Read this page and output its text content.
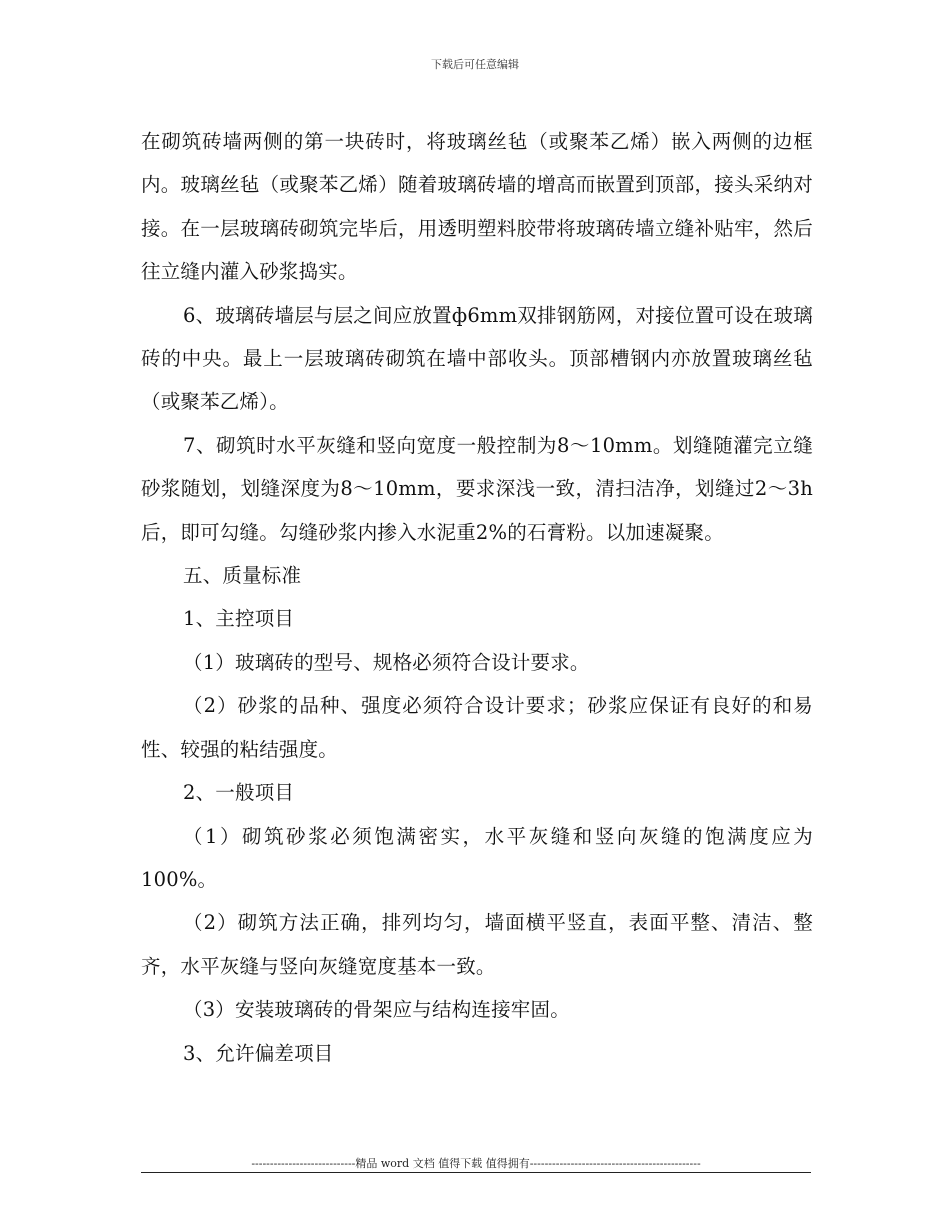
下载后可任意编辑

在砌筑砖墙两侧的第一块砖时，将玻璃丝毡（或聚苯乙烯）嵌入两侧的边框内。玻璃丝毡（或聚苯乙烯）随着玻璃砖墙的增高而嵌置到顶部，接头采纳对接。在一层玻璃砖砌筑完毕后，用透明塑料胶带将玻璃砖墙立缝补贴牢，然后往立缝内灌入砂浆捣实。

6、玻璃砖墙层与层之间应放置ф6mm双排钢筋网，对接位置可设在玻璃砖的中央。最上一层玻璃砖砌筑在墙中部收头。顶部槽钢内亦放置玻璃丝毡（或聚苯乙烯）。

7、砌筑时水平灰缝和竖向宽度一般控制为8～10mm。划缝随灌完立缝砂浆随划，划缝深度为8～10mm，要求深浅一致，清扫洁净，划缝过2～3h后，即可勾缝。勾缝砂浆内掺入水泥重2%的石膏粉。以加速凝聚。

五、质量标准

1、主控项目

（1）玻璃砖的型号、规格必须符合设计要求。

（2）砂浆的品种、强度必须符合设计要求；砂浆应保证有良好的和易性、较强的粘结强度。

2、一般项目

（1）砌筑砂浆必须饱满密实，水平灰缝和竖向灰缝的饱满度应为100%。

（2）砌筑方法正确，排列均匀，墙面横平竖直，表面平整、清洁、整齐，水平灰缝与竖向灰缝宽度基本一致。

（3）安装玻璃砖的骨架应与结构连接牢固。

3、允许偏差项目

----------------------------精品 word 文档 值得下载 值得拥有----------------------------------------------
